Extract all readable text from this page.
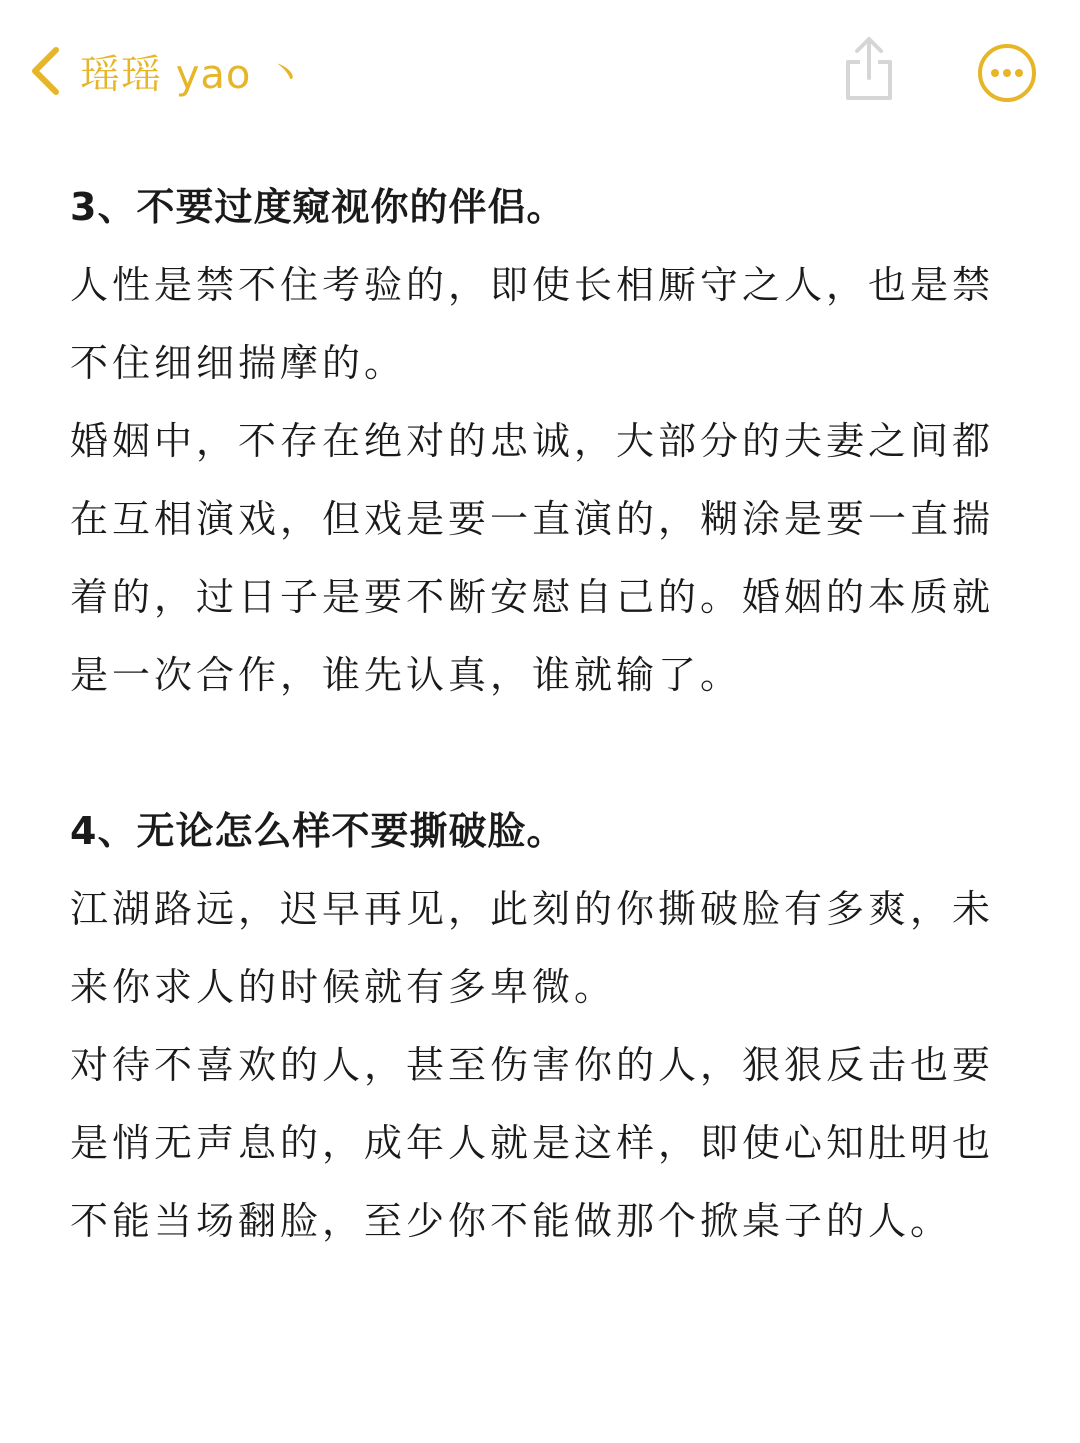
瑶瑶 yao 丶
3、不要过度窥视你的伴侣。

人性是禁不住考验的，即使长相厮守之人，也是禁不住细细揣摩的。

婚姻中，不存在绝对的忠诚，大部分的夫妻之间都在互相演戏，但戏是要一直演的，糊涂是要一直揣着的，过日子是要不断安慰自己的。婚姻的本质就是一次合作，谁先认真，谁就输了。

4、无论怎么样不要撕破脸。

江湖路远，迟早再见，此刻的你撕破脸有多爽，未来你求人的时候就有多卑微。

对待不喜欢的人，甚至伤害你的人，狠狠反击也要是悄无声息的，成年人就是这样，即使心知肚明也不能当场翻脸，至少你不能做那个掀桌子的人。
